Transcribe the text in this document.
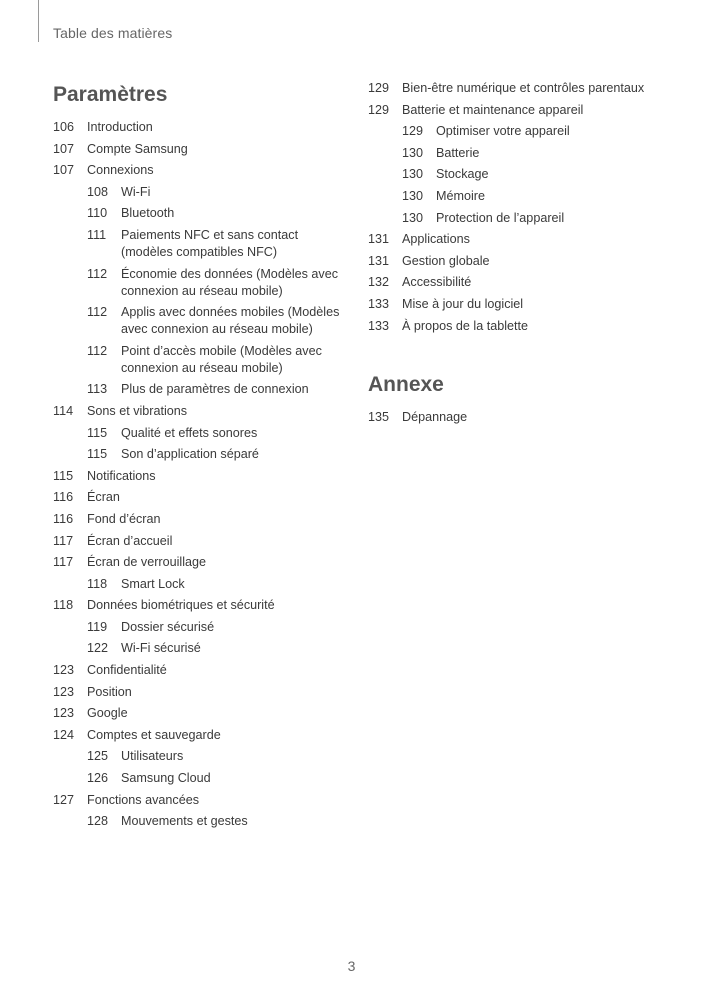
Table des matières
Paramètres
106	Introduction
107	Compte Samsung
107	Connexions
108	Wi-Fi
110	Bluetooth
111	Paiements NFC et sans contact (modèles compatibles NFC)
112	Économie des données (Modèles avec connexion au réseau mobile)
112	Applis avec données mobiles (Modèles avec connexion au réseau mobile)
112	Point d’accès mobile (Modèles avec connexion au réseau mobile)
113	Plus de paramètres de connexion
114	Sons et vibrations
115	Qualité et effets sonores
115	Son d’application séparé
115	Notifications
116	Écran
116	Fond d’écran
117	Écran d’accueil
117	Écran de verrouillage
118	Smart Lock
118	Données biométriques et sécurité
119	Dossier sécurisé
122	Wi-Fi sécurisé
123	Confidentialité
123	Position
123	Google
124	Comptes et sauvegarde
125	Utilisateurs
126	Samsung Cloud
127	Fonctions avancées
128	Mouvements et gestes
129	Bien-être numérique et contrôles parentaux
129	Batterie et maintenance appareil
129	Optimiser votre appareil
130	Batterie
130	Stockage
130	Mémoire
130	Protection de l’appareil
131	Applications
131	Gestion globale
132	Accessibilité
133	Mise à jour du logiciel
133	À propos de la tablette
Annexe
135	Dépannage
3
